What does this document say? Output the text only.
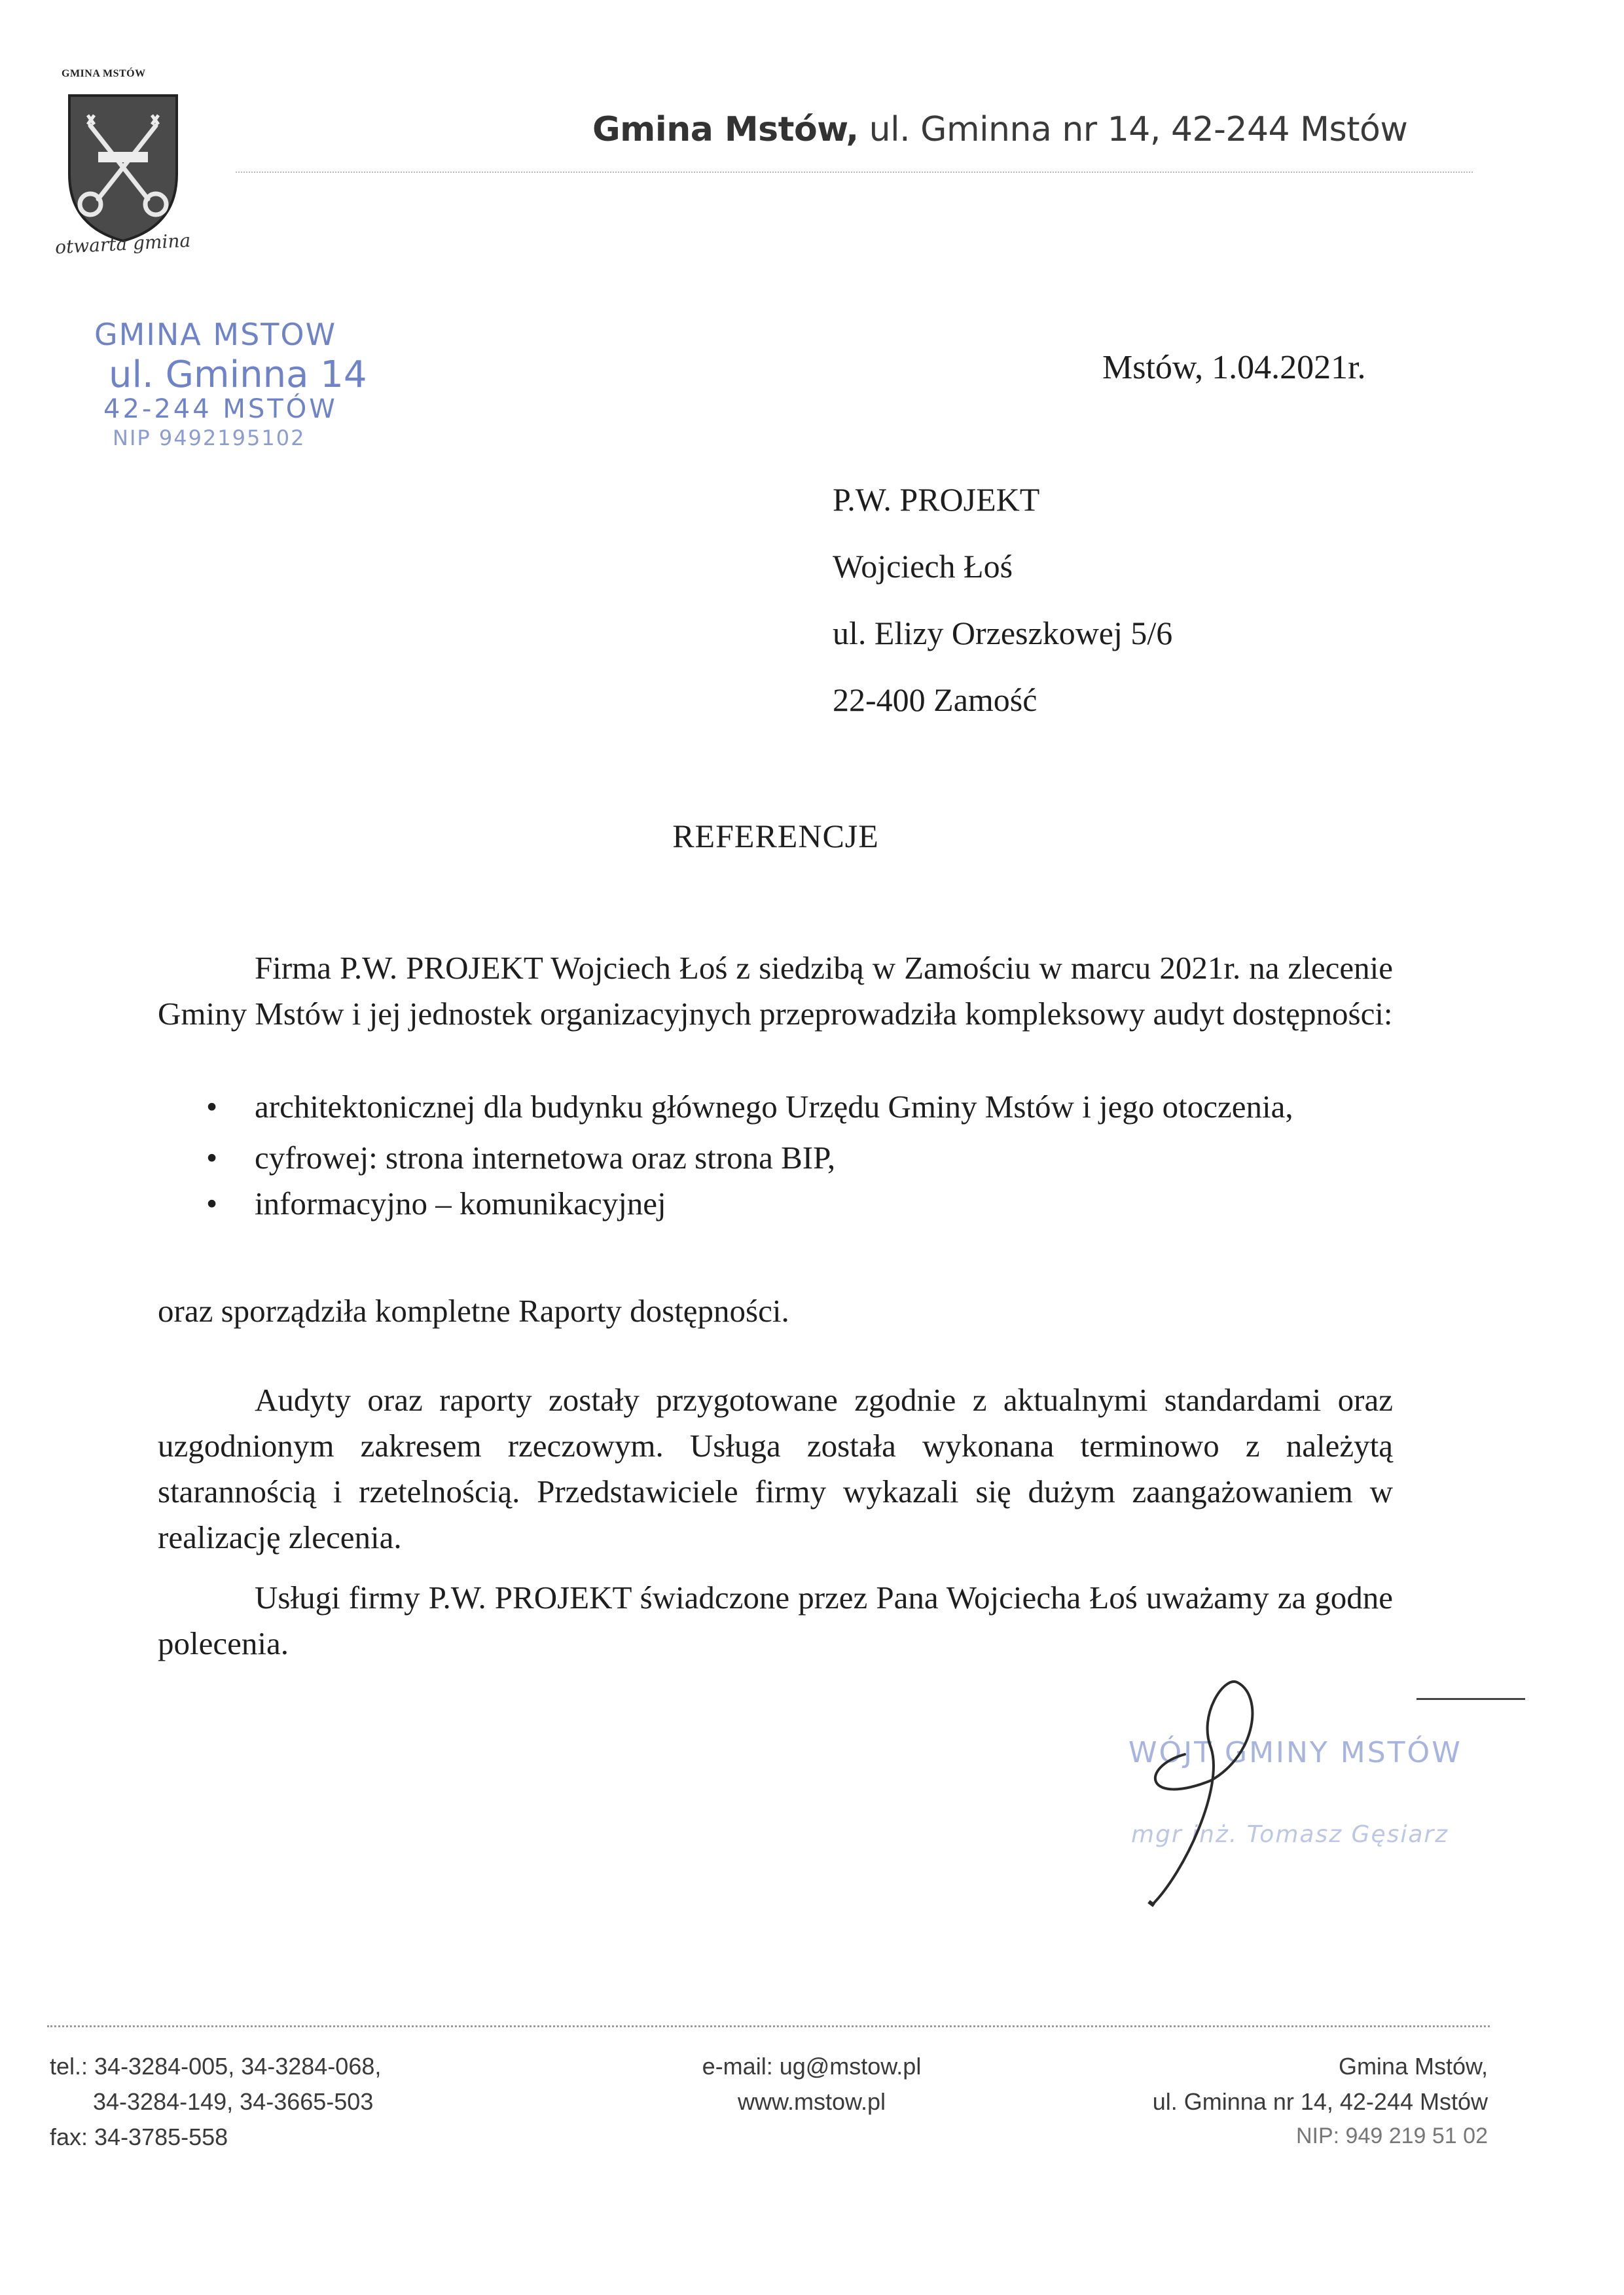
GMINA MSTÓW
otwarta gmina
Gmina Mstów, ul. Gminna nr 14, 42-244 Mstów
GMINA MSTOW
ul. Gminna 14
42-244 MSTÓW
NIP 9492195102
Mstów, 1.04.2021r.
P.W. PROJEKT
Wojciech Łoś
ul. Elizy Orzeszkowej 5/6
22-400 Zamość
REFERENCJE
Firma P.W. PROJEKT Wojciech Łoś z siedzibą w Zamościu w marcu 2021r. na zlecenie Gminy Mstów i jej jednostek organizacyjnych przeprowadziła kompleksowy audyt dostępności:
• architektonicznej dla budynku głównego Urzędu Gminy Mstów i jego otoczenia,
• cyfrowej: strona internetowa oraz strona BIP,
• informacyjno – komunikacyjnej
oraz sporządziła kompletne Raporty dostępności.
Audyty oraz raporty zostały przygotowane zgodnie z aktualnymi standardami oraz uzgodnionym zakresem rzeczowym. Usługa została wykonana terminowo z należytą starannością i rzetelnością. Przedstawiciele firmy wykazali się dużym zaangażowaniem w realizację zlecenia.
Usługi firmy P.W. PROJEKT świadczone przez Pana Wojciecha Łoś uważamy za godne polecenia.
WÓJT GMINY MSTÓW
mgr inż. Tomasz Gęsiarz
tel.: 34-3284-005, 34-3284-068,
34-3284-149, 34-3665-503
fax: 34-3785-558
e-mail: ug@mstow.pl
www.mstow.pl
Gmina Mstów,
ul. Gminna nr 14, 42-244 Mstów
NIP: 949 219 51 02
